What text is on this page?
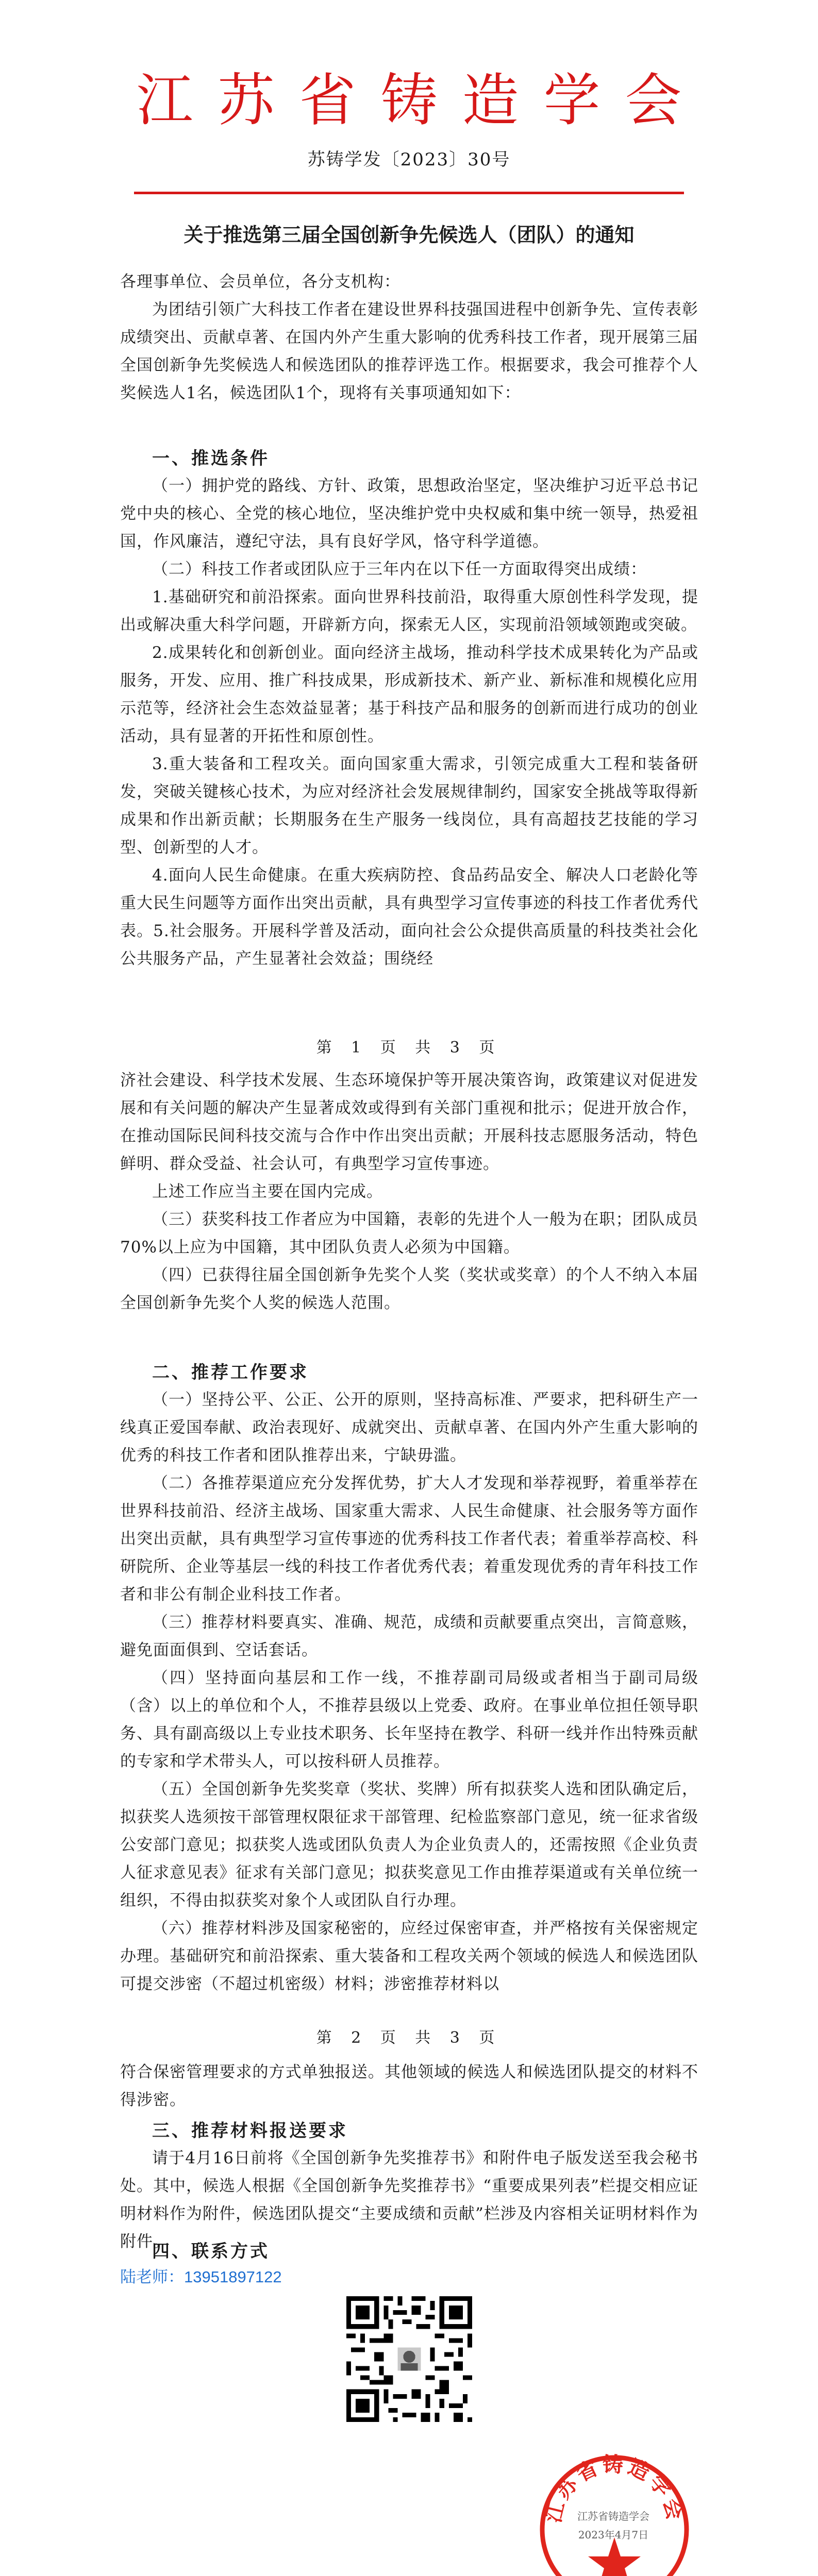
江苏省铸造学会
苏铸学发〔2023〕30号
关于推选第三届全国创新争先候选人（团队）的通知

各理事单位、会员单位，各分支机构：

为团结引领广大科技工作者在建设世界科技强国进程中创新争先、宣传表彰成绩突出、贡献卓著、在国内外产生重大影响的优秀科技工作者，现开展第三届全国创新争先奖候选人和候选团队的推荐评选工作。根据要求，我会可推荐个人奖候选人1名，候选团队1个，现将有关事项通知如下：

一、推选条件

（一）拥护党的路线、方针、政策，思想政治坚定，坚决维护习近平总书记党中央的核心、全党的核心地位，坚决维护党中央权威和集中统一领导，热爱祖国，作风廉洁，遵纪守法，具有良好学风，恪守科学道德。

（二）科技工作者或团队应于三年内在以下任一方面取得突出成绩：

1.基础研究和前沿探索。面向世界科技前沿，取得重大原创性科学发现，提出或解决重大科学问题，开辟新方向，探索无人区，实现前沿领域领跑或突破。

2.成果转化和创新创业。面向经济主战场，推动科学技术成果转化为产品或服务，开发、应用、推广科技成果，形成新技术、新产业、新标准和规模化应用示范等，经济社会生态效益显著；基于科技产品和服务的创新而进行成功的创业活动，具有显著的开拓性和原创性。

3.重大装备和工程攻关。面向国家重大需求，引领完成重大工程和装备研发，突破关键核心技术，为应对经济社会发展规律制约，国家安全挑战等取得新成果和作出新贡献；长期服务在生产服务一线岗位，具有高超技艺技能的学习型、创新型的人才。

4.面向人民生命健康。在重大疾病防控、食品药品安全、解决人口老龄化等重大民生问题等方面作出突出贡献，具有典型学习宣传事迹的科技工作者优秀代表。5.社会服务。开展科学普及活动，面向社会公众提供高质量的科技类社会化公共服务产品，产生显著社会效益；围绕经

第 1 页 共 3 页

济社会建设、科学技术发展、生态环境保护等开展决策咨询，政策建议对促进发展和有关问题的解决产生显著成效或得到有关部门重视和批示；促进开放合作，在推动国际民间科技交流与合作中作出突出贡献；开展科技志愿服务活动，特色鲜明、群众受益、社会认可，有典型学习宣传事迹。

上述工作应当主要在国内完成。

（三）获奖科技工作者应为中国籍，表彰的先进个人一般为在职；团队成员70%以上应为中国籍，其中团队负责人必须为中国籍。

（四）已获得往届全国创新争先奖个人奖（奖状或奖章）的个人不纳入本届全国创新争先奖个人奖的候选人范围。

二、推荐工作要求

（一）坚持公平、公正、公开的原则，坚持高标准、严要求，把科研生产一线真正爱国奉献、政治表现好、成就突出、贡献卓著、在国内外产生重大影响的优秀的科技工作者和团队推荐出来，宁缺毋滥。

（二）各推荐渠道应充分发挥优势，扩大人才发现和举荐视野，着重举荐在世界科技前沿、经济主战场、国家重大需求、人民生命健康、社会服务等方面作出突出贡献，具有典型学习宣传事迹的优秀科技工作者代表；着重举荐高校、科研院所、企业等基层一线的科技工作者优秀代表；着重发现优秀的青年科技工作者和非公有制企业科技工作者。

（三）推荐材料要真实、准确、规范，成绩和贡献要重点突出，言简意赅，避免面面俱到、空话套话。

（四）坚持面向基层和工作一线，不推荐副司局级或者相当于副司局级（含）以上的单位和个人，不推荐县级以上党委、政府。在事业单位担任领导职务、具有副高级以上专业技术职务、长年坚持在教学、科研一线并作出特殊贡献的专家和学术带头人，可以按科研人员推荐。

（五）全国创新争先奖奖章（奖状、奖牌）所有拟获奖人选和团队确定后，拟获奖人选须按干部管理权限征求干部管理、纪检监察部门意见，统一征求省级公安部门意见；拟获奖人选或团队负责人为企业负责人的，还需按照《企业负责人征求意见表》征求有关部门意见；拟获奖意见工作由推荐渠道或有关单位统一组织，不得由拟获奖对象个人或团队自行办理。

（六）推荐材料涉及国家秘密的，应经过保密审查，并严格按有关保密规定办理。基础研究和前沿探索、重大装备和工程攻关两个领域的候选人和候选团队可提交涉密（不超过机密级）材料；涉密推荐材料以

第 2 页 共 3 页

符合保密管理要求的方式单独报送。其他领域的候选人和候选团队提交的材料不得涉密。

三、推荐材料报送要求

请于4月16日前将《全国创新争先奖推荐书》和附件电子版发送至我会秘书处。其中，候选人根据《全国创新争先奖推荐书》“重要成果列表”栏提交相应证明材料作为附件，候选团队提交“主要成绩和贡献”栏涉及内容相关证明材料作为附件。

四、联系方式
陆老师：13951897122
江苏省铸造学会
江苏省铸造学会
2023年4月7日
